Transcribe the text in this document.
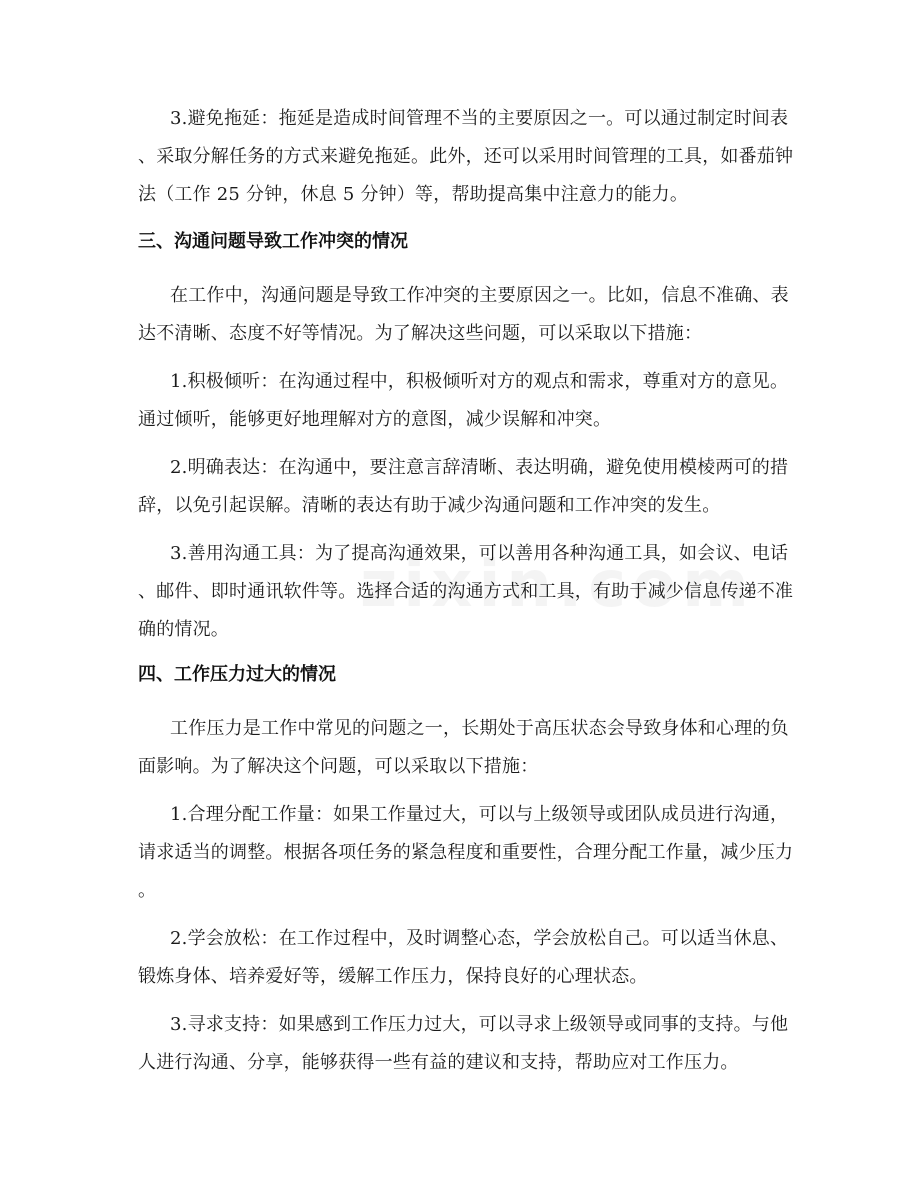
3.避免拖延：拖延是造成时间管理不当的主要原因之一。可以通过制定时间表
、采取分解任务的方式来避免拖延。此外，还可以采用时间管理的工具，如番茄钟
法（工作 25 分钟，休息 5 分钟）等，帮助提高集中注意力的能力。
三、沟通问题导致工作冲突的情况
在工作中，沟通问题是导致工作冲突的主要原因之一。比如，信息不准确、表
达不清晰、态度不好等情况。为了解决这些问题，可以采取以下措施：
1.积极倾听：在沟通过程中，积极倾听对方的观点和需求，尊重对方的意见。
通过倾听，能够更好地理解对方的意图，减少误解和冲突。
2.明确表达：在沟通中，要注意言辞清晰、表达明确，避免使用模棱两可的措
辞，以免引起误解。清晰的表达有助于减少沟通问题和工作冲突的发生。
3.善用沟通工具：为了提高沟通效果，可以善用各种沟通工具，如会议、电话
、邮件、即时通讯软件等。选择合适的沟通方式和工具，有助于减少信息传递不准
确的情况。
四、工作压力过大的情况
工作压力是工作中常见的问题之一，长期处于高压状态会导致身体和心理的负
面影响。为了解决这个问题，可以采取以下措施：
1.合理分配工作量：如果工作量过大，可以与上级领导或团队成员进行沟通，
请求适当的调整。根据各项任务的紧急程度和重要性，合理分配工作量，减少压力
。
2.学会放松：在工作过程中，及时调整心态，学会放松自己。可以适当休息、
锻炼身体、培养爱好等，缓解工作压力，保持良好的心理状态。
3.寻求支持：如果感到工作压力过大，可以寻求上级领导或同事的支持。与他
人进行沟通、分享，能够获得一些有益的建议和支持，帮助应对工作压力。
